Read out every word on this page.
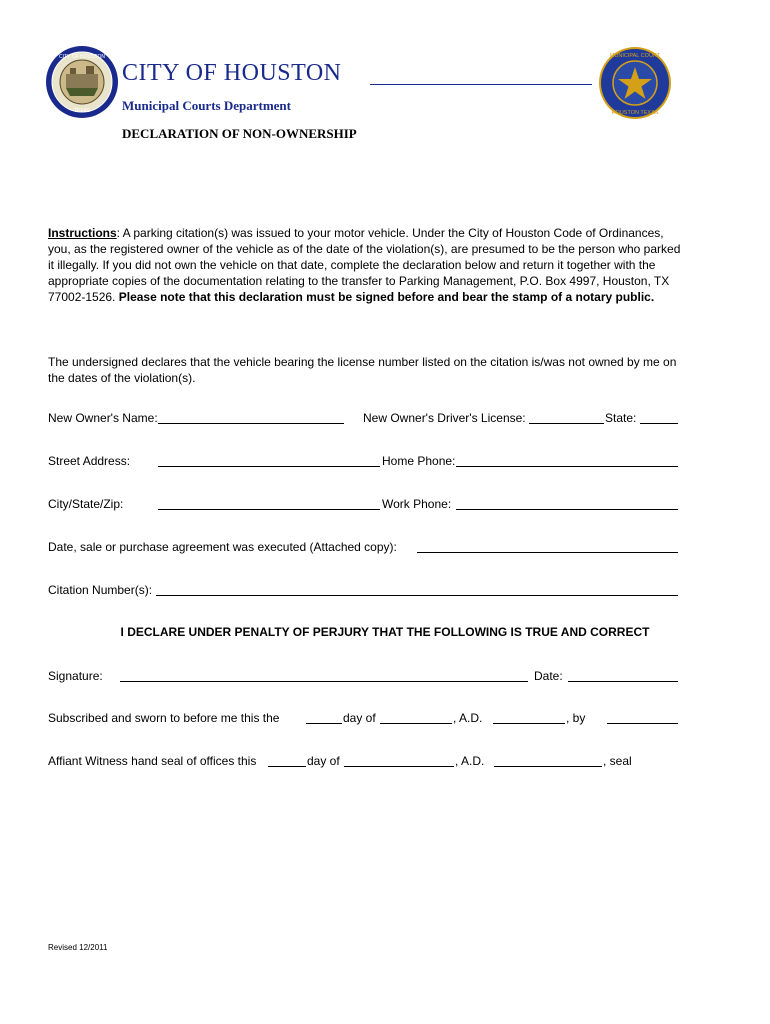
CITY OF HOUSTON
TEXAS
CITY OF HOUSTON
Municipal Courts Department
MUNICIPAL COURT
HOUSTON TEXAS
DECLARATION OF NON-OWNERSHIP
Instructions: A parking citation(s) was issued to your motor vehicle. Under the City of Houston Code of Ordinances, you, as the registered owner of the vehicle as of the date of the violation(s), are presumed to be the person who parked it illegally. If you did not own the vehicle on that date, complete the declaration below and return it together with the appropriate copies of the documentation relating to the transfer to Parking Management, P.O. Box 4997, Houston, TX 77002-1526. Please note that this declaration must be signed before and bear the stamp of a notary public.
The undersigned declares that the vehicle bearing the license number listed on the citation is/was not owned by me on the dates of the violation(s).
New Owner's Name:	New Owner's Driver's License:	State:
Street Address:	Home Phone:
City/State/Zip:	Work Phone:
Date, sale or purchase agreement was executed (Attached copy):
Citation Number(s):
I DECLARE UNDER PENALTY OF PERJURY THAT THE FOLLOWING IS TRUE AND CORRECT
Signature:	Date:
Subscribed and sworn to before me this the	day of	, A.D.	, by
Affiant Witness hand seal of offices this	day of	, A.D.	, seal
Revised 12/2011
